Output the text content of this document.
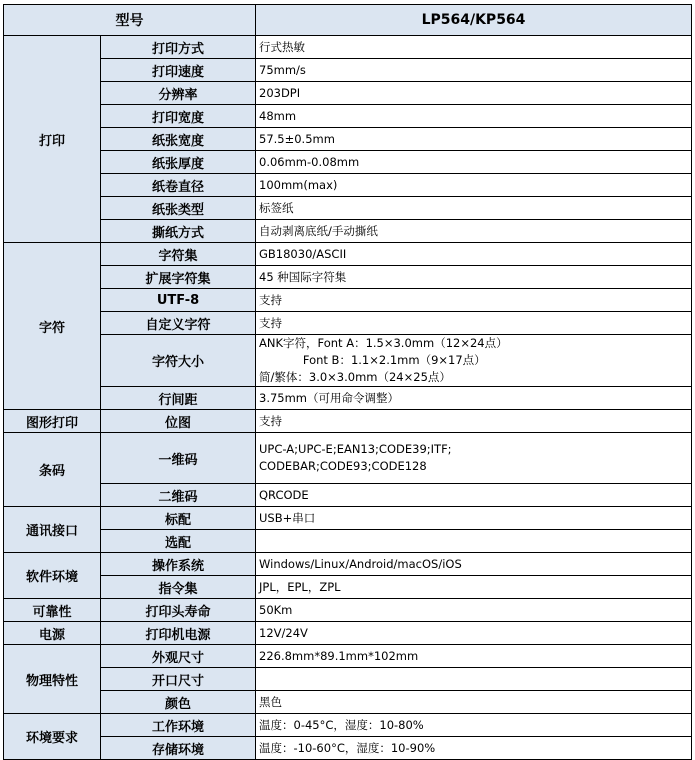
型号		LP564/KP564
打印	打印方式	行式热敏
	打印速度	75mm/s
	分辨率	203DPI
	打印宽度	48mm
	纸张宽度	57.5±0.5mm
	纸张厚度	0.06mm-0.08mm
	纸卷直径	100mm(max)
	纸张类型	标签纸
	撕纸方式	自动剥离底纸/手动撕纸
字符	字符集	GB18030/ASCII
	扩展字符集	45 种国际字符集
	UTF-8	支持
	自定义字符	支持
	字符大小	ANK字符，Font A：1.5×3.0mm（12×24点）
Font B：1.1×2.1mm（9×17点）
简/繁体：3.0×3.0mm（24×25点）
	行间距	3.75mm（可用命令调整）
图形打印	位图	支持
条码	一维码	UPC-A;UPC-E;EAN13;CODE39;ITF;
CODEBAR;CODE93;CODE128
	二维码	QRCODE
通讯接口	标配	USB+串口
	选配	
软件环境	操作系统	Windows/Linux/Android/macOS/iOS
	指令集	JPL，EPL，ZPL
可靠性	打印头寿命	50Km
电源	打印机电源	12V/24V
物理特性	外观尺寸	226.8mm*89.1mm*102mm
	开口尺寸	
	颜色	黑色
环境要求	工作环境	温度：0-45°C，湿度：10-80%
	存储环境	温度：-10-60°C，湿度：10-90%
